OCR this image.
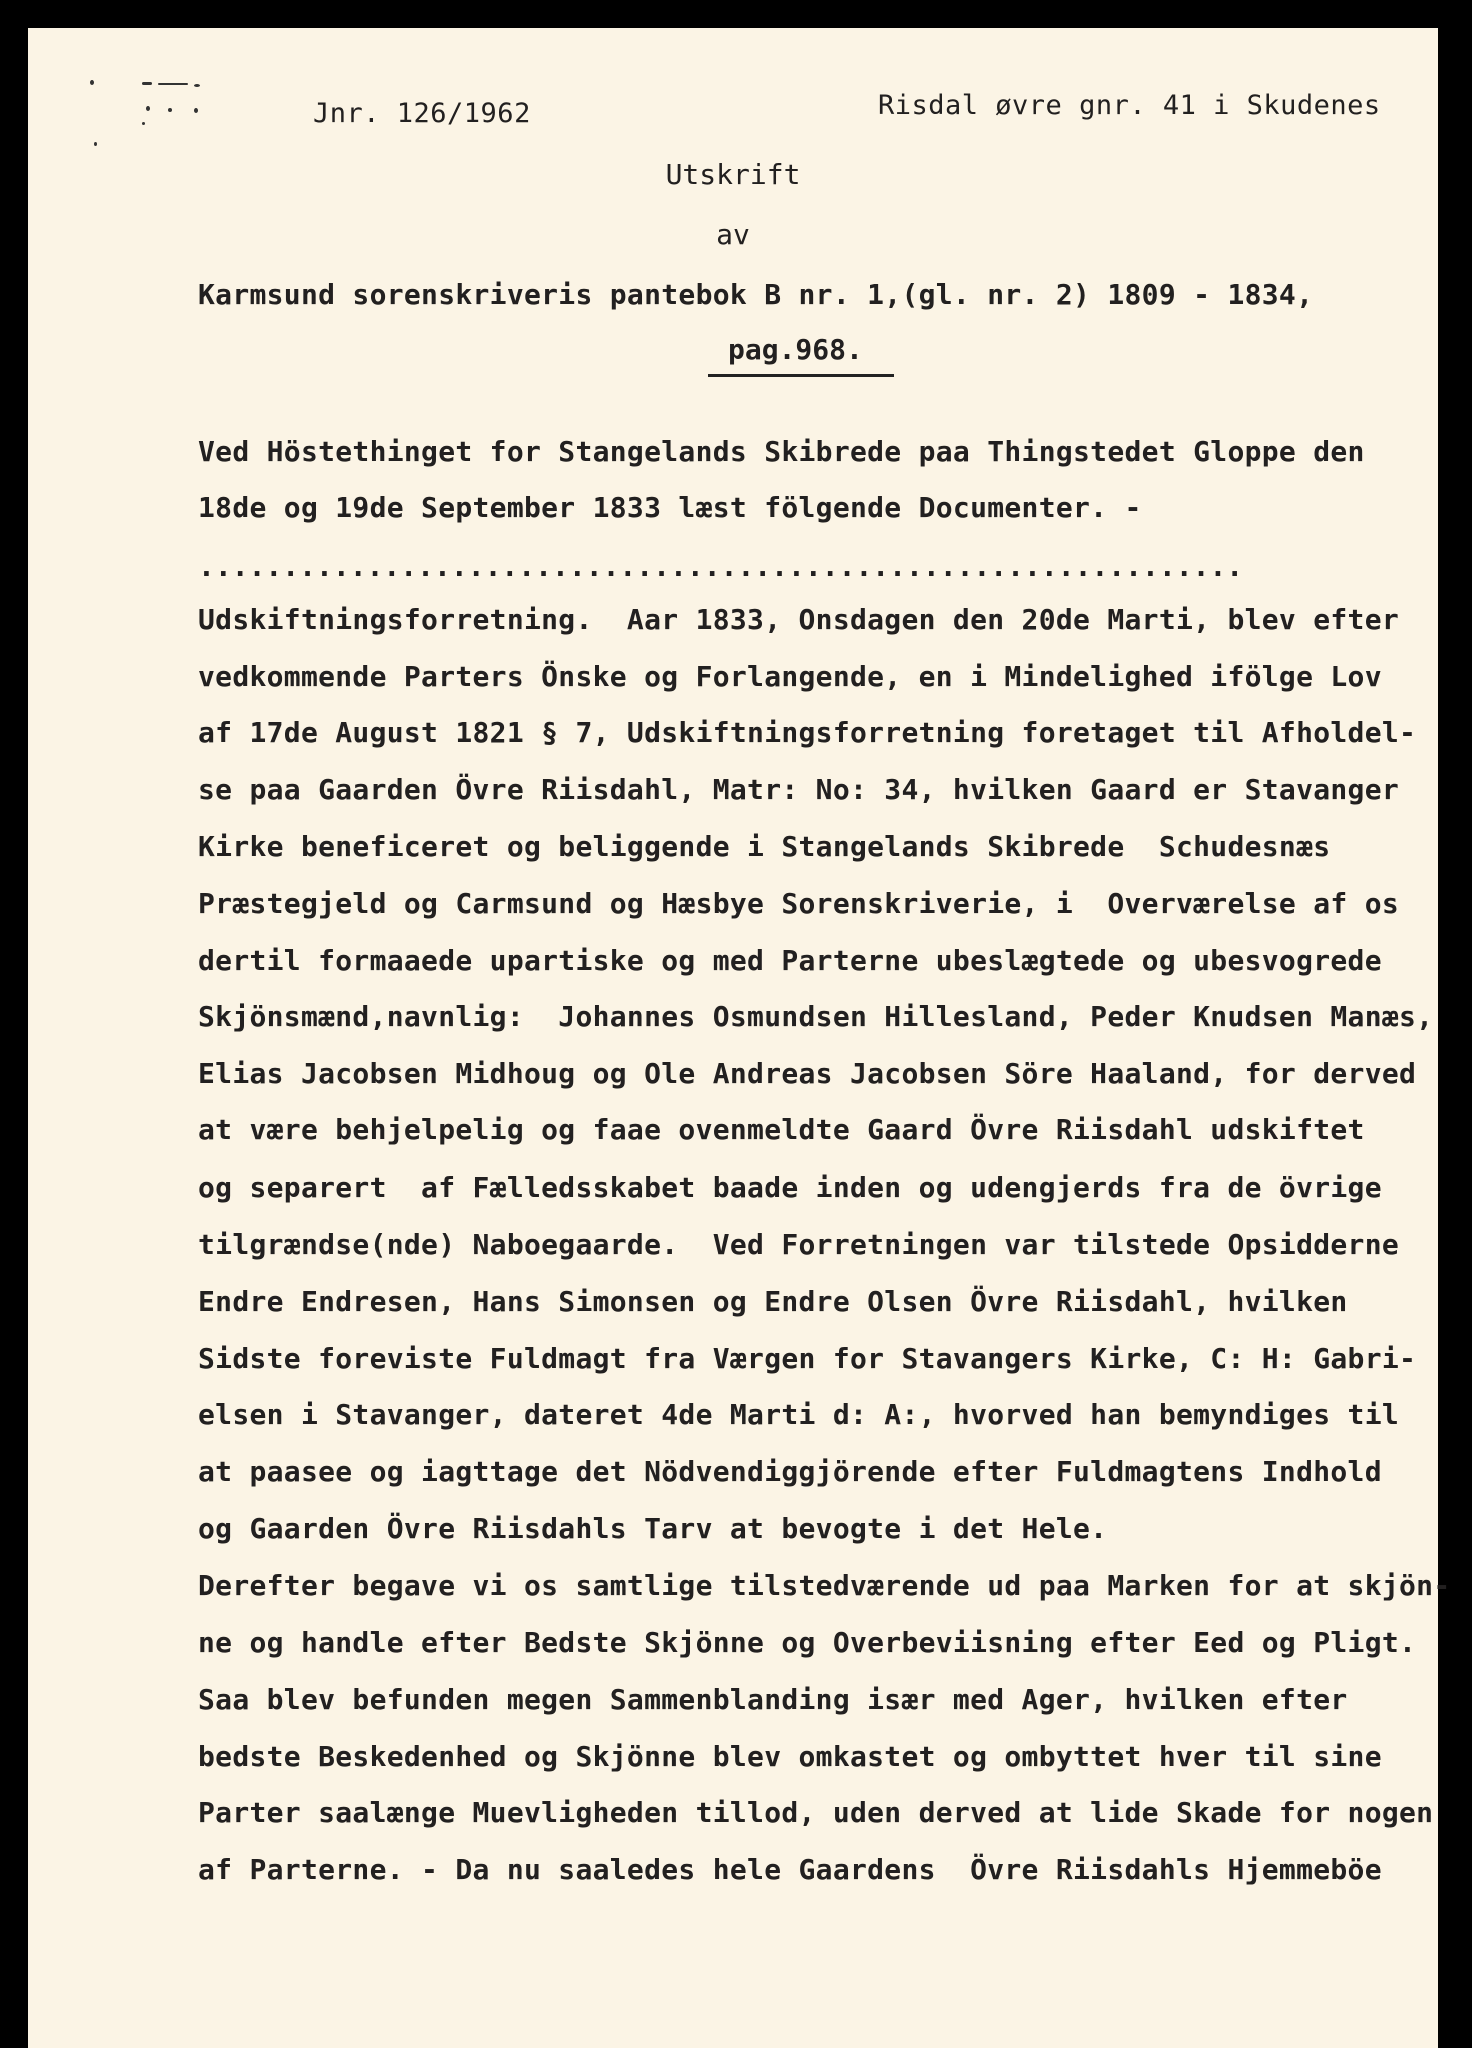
Jnr. 126/1962	Risdal øvre gnr. 41 i Skudenes
Utskrift
av
Karmsund sorenskriveris pantebok B nr. 1,(gl. nr. 2) 1809 - 1834,
pag.968.
Ved Höstethinget for Stangelands Skibrede paa Thingstedet Gloppe den
18de og 19de September 1833 læst fölgende Documenter. -
..............................................................
Udskiftningsforretning.  Aar 1833, Onsdagen den 20de Marti, blev efter
vedkommende Parters Önske og Forlangende, en i Mindelighed ifölge Lov
af 17de August 1821 § 7, Udskiftningsforretning foretaget til Afholdel-
se paa Gaarden Övre Riisdahl, Matr: No: 34, hvilken Gaard er Stavanger
Kirke beneficeret og beliggende i Stangelands Skibrede  Schudesnæs
Præstegjeld og Carmsund og Hæsbye Sorenskriverie, i  Overværelse af os
dertil formaaede upartiske og med Parterne ubeslægtede og ubesvogrede
Skjönsmænd,navnlig:  Johannes Osmundsen Hillesland, Peder Knudsen Manæs,
Elias Jacobsen Midhoug og Ole Andreas Jacobsen Söre Haaland, for derved
at være behjelpelig og faae ovenmeldte Gaard Övre Riisdahl udskiftet
og separert  af Fælledsskabet baade inden og udengjerds fra de övrige
tilgrændse(nde) Naboegaarde.  Ved Forretningen var tilstede Opsidderne
Endre Endresen, Hans Simonsen og Endre Olsen Övre Riisdahl, hvilken
Sidste foreviste Fuldmagt fra Værgen for Stavangers Kirke, C: H: Gabri-
elsen i Stavanger, dateret 4de Marti d: A:, hvorved han bemyndiges til
at paasee og iagttage det Nödvendiggjörende efter Fuldmagtens Indhold
og Gaarden Övre Riisdahls Tarv at bevogte i det Hele.
Derefter begave vi os samtlige tilstedværende ud paa Marken for at skjön-
ne og handle efter Bedste Skjönne og Overbeviisning efter Eed og Pligt.
Saa blev befunden megen Sammenblanding især med Ager, hvilken efter
bedste Beskedenhed og Skjönne blev omkastet og ombyttet hver til sine
Parter saalænge Muevligheden tillod, uden derved at lide Skade for nogen
af Parterne. - Da nu saaledes hele Gaardens  Övre Riisdahls Hjemmeböe
